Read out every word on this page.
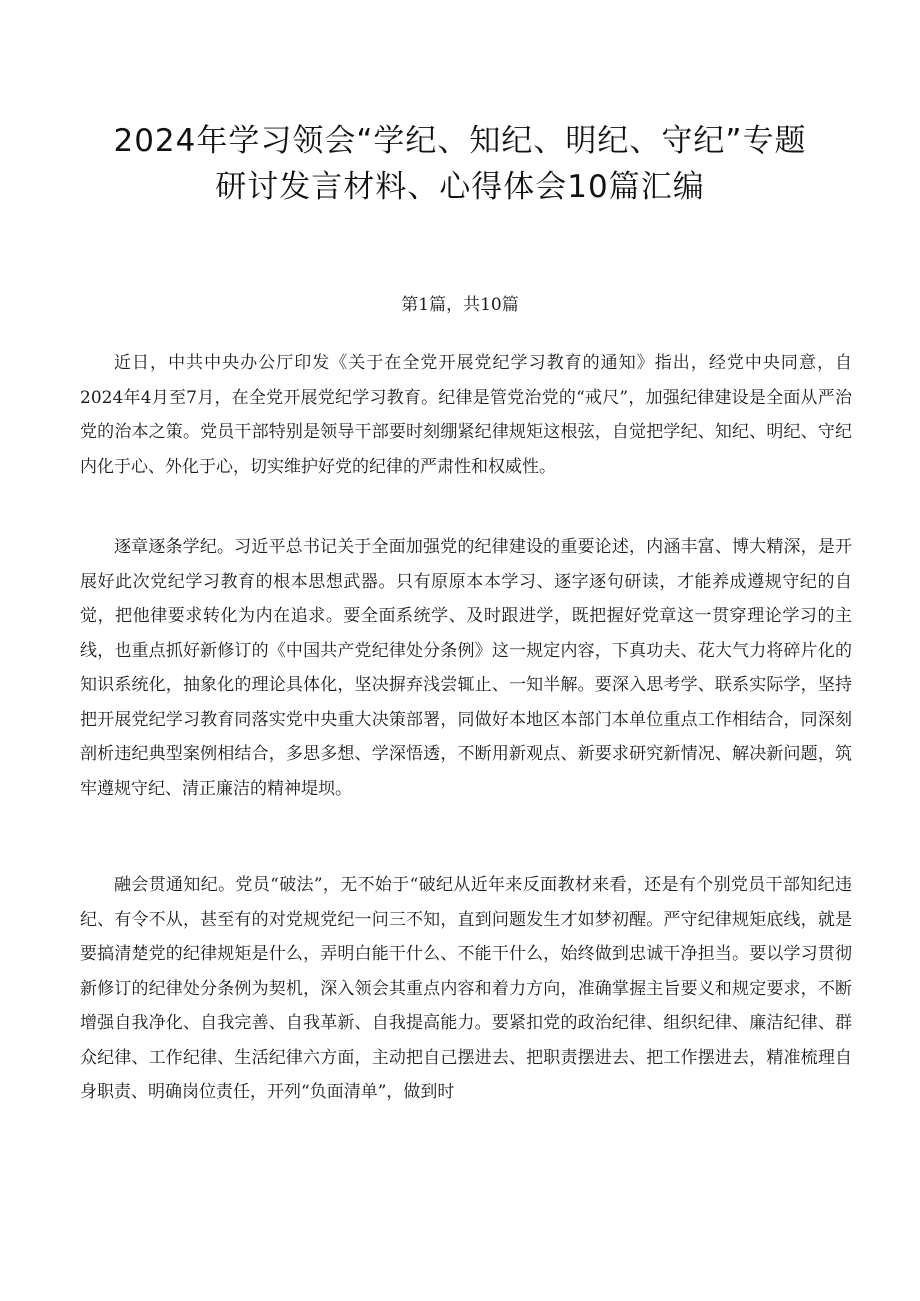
2024年学习领会“学纪、知纪、明纪、守纪”专题
研讨发言材料、心得体会10篇汇编
第1篇，共10篇

近日，中共中央办公厅印发《关于在全党开展党纪学习教育的通知》指出，经党中央同意，自2024年4月至7月，在全党开展党纪学习教育。纪律是管党治党的“戒尺”，加强纪律建设是全面从严治党的治本之策。党员干部特别是领导干部要时刻绷紧纪律规矩这根弦，自觉把学纪、知纪、明纪、守纪内化于心、外化于心，切实维护好党的纪律的严肃性和权威性。

逐章逐条学纪。习近平总书记关于全面加强党的纪律建设的重要论述，内涵丰富、博大精深，是开展好此次党纪学习教育的根本思想武器。只有原原本本学习、逐字逐句研读，才能养成遵规守纪的自觉，把他律要求转化为内在追求。要全面系统学、及时跟进学，既把握好党章这一贯穿理论学习的主线，也重点抓好新修订的《中国共产党纪律处分条例》这一规定内容，下真功夫、花大气力将碎片化的知识系统化，抽象化的理论具体化，坚决摒弃浅尝辄止、一知半解。要深入思考学、联系实际学，坚持把开展党纪学习教育同落实党中央重大决策部署，同做好本地区本部门本单位重点工作相结合，同深刻剖析违纪典型案例相结合，多思多想、学深悟透，不断用新观点、新要求研究新情况、解决新问题，筑牢遵规守纪、清正廉洁的精神堤坝。

融会贯通知纪。党员“破法”，无不始于“破纪从近年来反面教材来看，还是有个别党员干部知纪违纪、有令不从，甚至有的对党规党纪一问三不知，直到问题发生才如梦初醒。严守纪律规矩底线，就是要搞清楚党的纪律规矩是什么，弄明白能干什么、不能干什么，始终做到忠诚干净担当。要以学习贯彻新修订的纪律处分条例为契机，深入领会其重点内容和着力方向，准确掌握主旨要义和规定要求，不断增强自我净化、自我完善、自我革新、自我提高能力。要紧扣党的政治纪律、组织纪律、廉洁纪律、群众纪律、工作纪律、生活纪律六方面，主动把自己摆进去、把职责摆进去、把工作摆进去，精准梳理自身职责、明确岗位责任，开列“负面清单”，做到时
